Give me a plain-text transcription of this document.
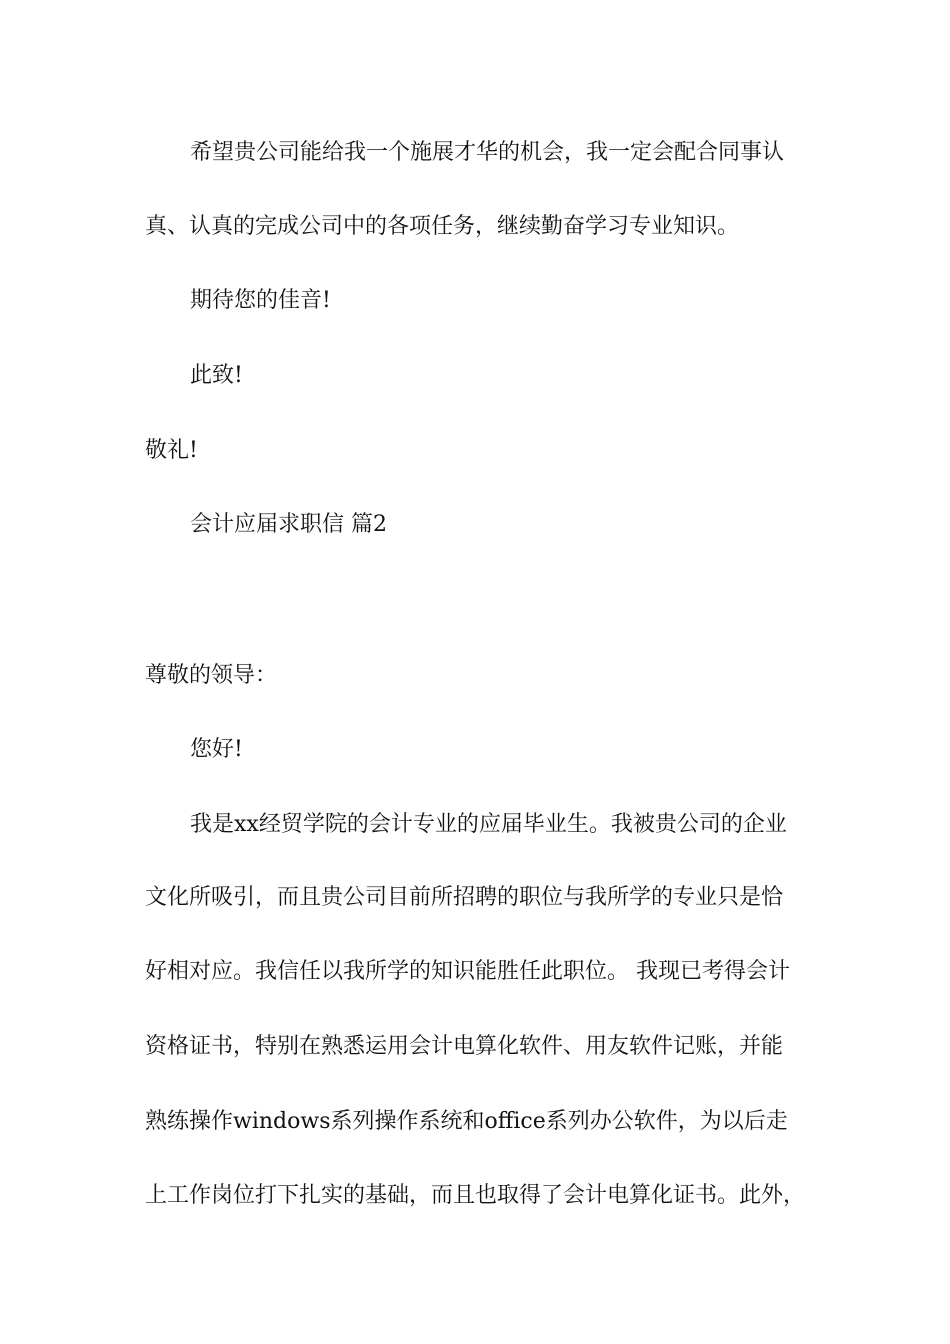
希望贵公司能给我一个施展才华的机会，我一定会配合同事认
真、认真的完成公司中的各项任务，继续勤奋学习专业知识。
期待您的佳音!
此致!
敬礼!
会计应届求职信 篇2
尊敬的领导：
您好!
我是xx经贸学院的会计专业的应届毕业生。我被贵公司的企业
文化所吸引，而且贵公司目前所招聘的职位与我所学的专业只是恰
好相对应。我信任以我所学的知识能胜任此职位。 我现已考得会计
资格证书，特别在熟悉运用会计电算化软件、用友软件记账，并能
熟练操作windows系列操作系统和office系列办公软件，为以后走
上工作岗位打下扎实的基础，而且也取得了会计电算化证书。此外，
